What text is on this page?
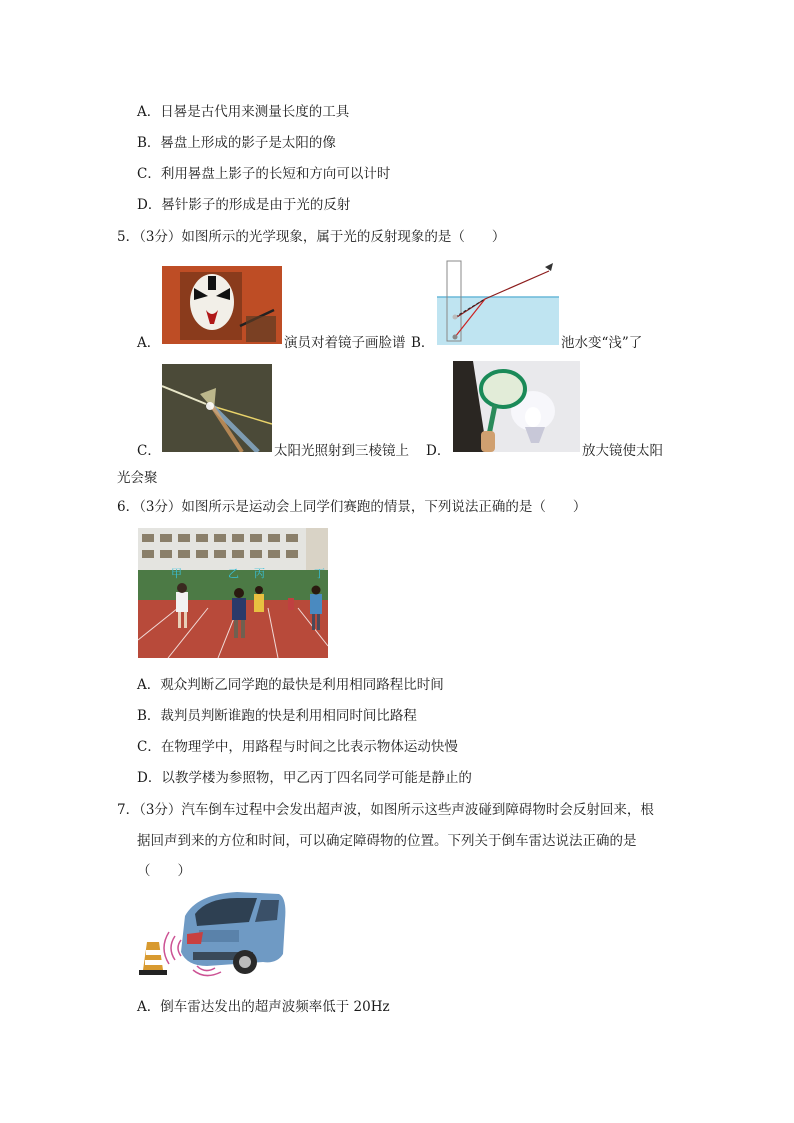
A．日晷是古代用来测量长度的工具
B．晷盘上形成的影子是太阳的像
C．利用晷盘上影子的长短和方向可以计时
D．晷针影子的形成是由于光的反射
5．（3分）如图所示的光学现象，属于光的反射现象的是（　　）
A．	演员对着镜子画脸谱 B．	池水变“浅”了
C．	太阳光照射到三棱镜上 D．	放大镜使太阳
光会聚
6．（3分）如图所示是运动会上同学们赛跑的情景，下列说法正确的是（　　）
甲	乙 丙	丁
A．观众判断乙同学跑的最快是利用相同路程比时间
B．裁判员判断谁跑的快是利用相同时间比路程
C．在物理学中，用路程与时间之比表示物体运动快慢
D．以教学楼为参照物，甲乙丙丁四名同学可能是静止的
7．（3分）汽车倒车过程中会发出超声波，如图所示这些声波碰到障碍物时会反射回来，根
据回声到来的方位和时间，可以确定障碍物的位置。下列关于倒车雷达说法正确的是
（　　）
A．倒车雷达发出的超声波频率低于 20Hz
